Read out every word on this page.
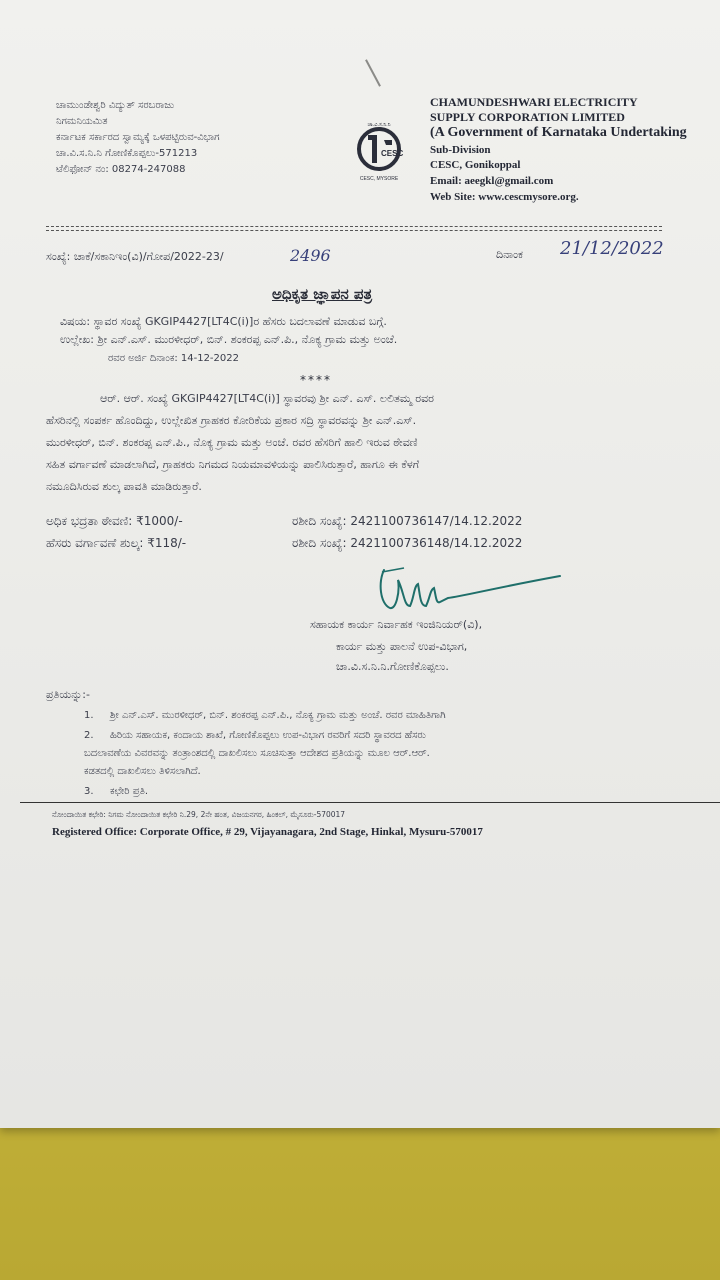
ಚಾಮುಂಡೇಶ್ವರಿ ವಿದ್ಯುತ್ ಸರಬರಾಜು
ನಿಗಮನಿಯಮಿತ
ಕರ್ನಾಟಕ ಸರ್ಕಾರದ ಸ್ವಾಮ್ಯಕ್ಕೆ ಒಳಪಟ್ಟಿರುವ-ವಿಭಾಗ
ಚಾ.ವಿ.ಸ.ನಿ.ನಿ ಗೋಣಿಕೊಪ್ಪಲು-571213
ಟೆಲಿಫೋನ್ ನಂ: 08274-247088
CESC
CESC, MYSORE
ಚಾ.ವಿ.ಸ.ನಿ.ನಿ
CHAMUNDESHWARI ELECTRICITY
SUPPLY CORPORATION LIMITED
(A Government of Karnataka Undertaking
Sub-Division
CESC, Gonikoppal
Email: aeegkl@gmail.com
Web Site: www.cescmysore.org.
ಸಂಖ್ಯೆ: ಚಾಕೆ/ಸಕಾನಿಇಂ(ವಿ)/ಗೋಪ/2022-23/	2496	ದಿನಾಂಕ 21/12/2022
ಅಧಿಕೃತ ಜ್ಞಾಪನ ಪತ್ರ
ವಿಷಯ: ಸ್ಥಾವರ ಸಂಖ್ಯೆ GKGIP4427[LT4C(i)]ರ ಹೆಸರು ಬದಲಾವಣೆ ಮಾಡುವ ಬಗ್ಗೆ.
ಉಲ್ಲೇಖ: ಶ್ರೀ ಎನ್.ಎಸ್. ಮುರಳೀಧರ್, ಬಿನ್. ಶಂಕರಪ್ಪ ಎನ್.ಪಿ., ನೊಕ್ಯ ಗ್ರಾಮ ಮತ್ತು ಅಂಚೆ.
ರವರ ಅರ್ಜಿ ದಿನಾಂಕ: 14-12-2022
****
ಆರ್. ಆರ್. ಸಂಖ್ಯೆ GKGIP4427[LT4C(i)] ಸ್ಥಾವರವು ಶ್ರೀ ಎನ್. ಎಸ್. ಲಲಿತಮ್ಮ ರವರ
ಹೆಸರಿನಲ್ಲಿ ಸಂಪರ್ಕ ಹೊಂದಿದ್ದು, ಉಲ್ಲೇಖಿತ ಗ್ರಾಹಕರ ಕೋರಿಕೆಯ ಪ್ರಕಾರ ಸದ್ರಿ ಸ್ಥಾವರವನ್ನು ಶ್ರೀ ಎನ್.ಎಸ್.
ಮುರಳೀಧರ್, ಬಿನ್. ಶಂಕರಪ್ಪ ಎನ್.ಪಿ., ನೊಕ್ಯ ಗ್ರಾಮ ಮತ್ತು ಅಂಚೆ. ರವರ ಹೆಸರಿಗೆ ಹಾಲಿ ಇರುವ ಠೇವಣಿ
ಸಹಿತ ವರ್ಗಾವಣೆ ಮಾಡಲಾಗಿದೆ, ಗ್ರಾಹಕರು ನಿಗಮದ ನಿಯಮಾವಳಿಯನ್ನು ಪಾಲಿಸಿರುತ್ತಾರೆ, ಹಾಗೂ ಈ ಕೆಳಗೆ
ನಮೂದಿಸಿರುವ ಶುಲ್ಕ ಪಾವತಿ ಮಾಡಿರುತ್ತಾರೆ.
ಅಧಿಕ ಭದ್ರತಾ ಠೇವಣಿ: ₹1000/-	ರಶೀದಿ ಸಂಖ್ಯೆ: 2421100736147/14.12.2022
ಹೆಸರು ವರ್ಗಾವಣೆ ಶುಲ್ಕ: ₹118/-	ರಶೀದಿ ಸಂಖ್ಯೆ: 2421100736148/14.12.2022
ಸಹಾಯಕ ಕಾರ್ಯ ನಿರ್ವಾಹಕ ಇಂಜಿನಿಯರ್(ವಿ),
ಕಾರ್ಯ ಮತ್ತು ಪಾಲನೆ ಉಪ-ವಿಭಾಗ,
ಚಾ.ವಿ.ಸ.ನಿ.ನಿ.ಗೋಣಿಕೊಪ್ಪಲು.
ಪ್ರತಿಯನ್ನು:-
1. ಶ್ರೀ ಎನ್.ಎಸ್. ಮುರಳೀಧರ್, ಬಿನ್. ಶಂಕರಪ್ಪ ಎನ್.ಪಿ., ನೊಕ್ಯ ಗ್ರಾಮ ಮತ್ತು ಅಂಚೆ. ರವರ ಮಾಹಿತಿಗಾಗಿ
2. ಹಿರಿಯ ಸಹಾಯಕ, ಕಂದಾಯ ಶಾಖೆ, ಗೋಣಿಕೊಪ್ಪಲು ಉಪ-ವಿಭಾಗ ರವರಿಗೆ ಸದರಿ ಸ್ಥಾವರದ ಹೆಸರು
ಬದಲಾವಣೆಯ ವಿವರವನ್ನು ತಂತ್ರಾಂಶದಲ್ಲಿ ದಾಖಲಿಸಲು ಸೂಚಿಸುತ್ತಾ ಆದೇಶದ ಪ್ರತಿಯನ್ನು ಮೂಲ ಆರ್.ಆರ್.
ಕಡತದಲ್ಲಿ ದಾಖಲಿಸಲು ತಿಳಿಸಲಾಗಿದೆ.
3. ಕಛೇರಿ ಪ್ರತಿ.
ನೋಂದಾಯಿತ ಕಛೇರಿ: ನಿಗಮ ನೋಂದಾಯಿತ ಕಛೇರಿ ನಿ.29, 2ನೇ ಹಂತ, ವಿಜಯನಗರ, ಹಿಂಕಲ್, ಮೈಸೂರು-570017
Registered Office: Corporate Office, # 29, Vijayanagara, 2nd Stage, Hinkal, Mysuru-570017
